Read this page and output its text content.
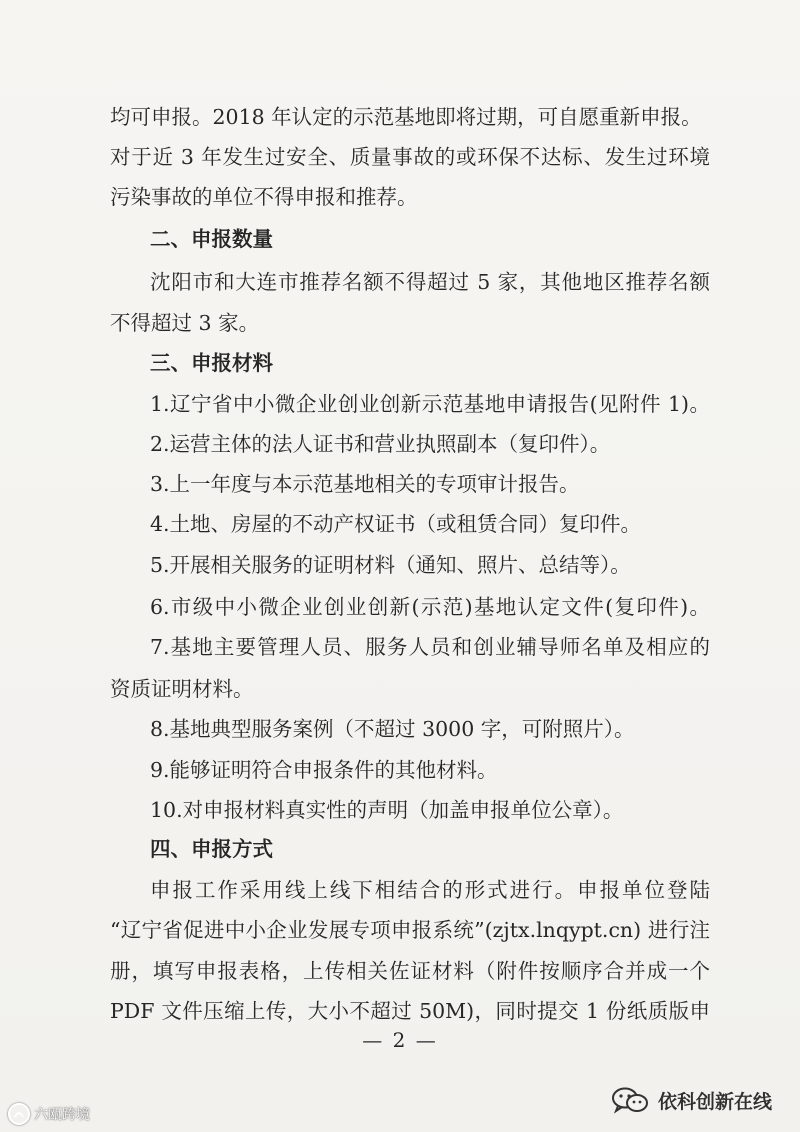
均可申报。2018 年认定的示范基地即将过期，可自愿重新申报。
对于近 3 年发生过安全、质量事故的或环保不达标、发生过环境
污染事故的单位不得申报和推荐。
二、申报数量
沈阳市和大连市推荐名额不得超过 5 家，其他地区推荐名额
不得超过 3 家。
三、申报材料
1.辽宁省中小微企业创业创新示范基地申请报告(见附件 1)。
2.运营主体的法人证书和营业执照副本（复印件）。
3.上一年度与本示范基地相关的专项审计报告。
4.土地、房屋的不动产权证书（或租赁合同）复印件。
5.开展相关服务的证明材料（通知、照片、总结等）。
6.市级中小微企业创业创新(示范)基地认定文件(复印件)。
7.基地主要管理人员、服务人员和创业辅导师名单及相应的
资质证明材料。
8.基地典型服务案例（不超过 3000 字，可附照片）。
9.能够证明符合申报条件的其他材料。
10.对申报材料真实性的声明（加盖申报单位公章）。
四、申报方式
申报工作采用线上线下相结合的形式进行。申报单位登陆
“辽宁省促进中小企业发展专项申报系统”(zjtx.lnqypt.cn) 进行注
册，填写申报表格，上传相关佐证材料（附件按顺序合并成一个
PDF 文件压缩上传，大小不超过 50M)，同时提交 1 份纸质版申
— 2 —
六瓯跨境
依科创新在线
